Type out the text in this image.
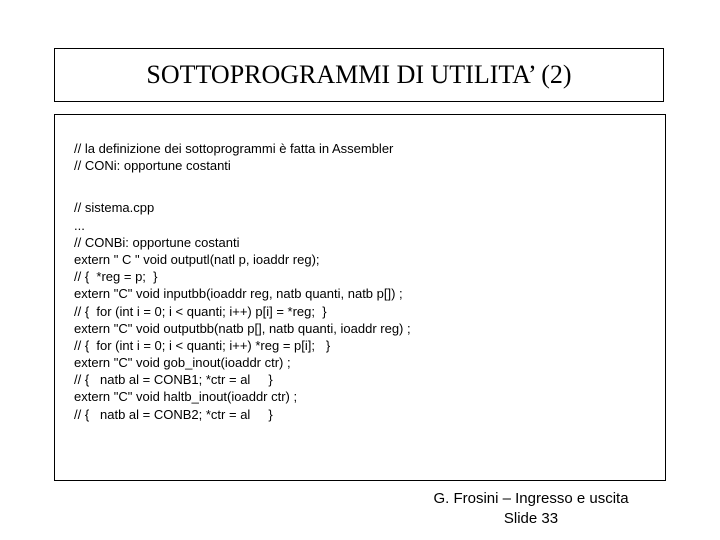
SOTTOPROGRAMMI DI UTILITA’ (2)
// la definizione dei sottoprogrammi è fatta in Assembler
// CONi: opportune costanti
// sistema.cpp
...
// CONBi: opportune costanti
extern " C " void outputl(natl p, ioaddr reg);
// {  *reg = p;  }
extern "C" void inputbb(ioaddr reg, natb quanti, natb p[]) ;
// {  for (int i = 0; i < quanti; i++) p[i] = *reg;  }
extern "C" void outputbb(natb p[], natb quanti, ioaddr reg) ;
// {  for (int i = 0; i < quanti; i++) *reg = p[i];   }
extern "C" void gob_inout(ioaddr ctr) ;
// {   natb al = CONB1; *ctr = al     }
extern "C" void haltb_inout(ioaddr ctr) ;
// {   natb al = CONB2; *ctr = al     }
G. Frosini – Ingresso e uscita
Slide 33
